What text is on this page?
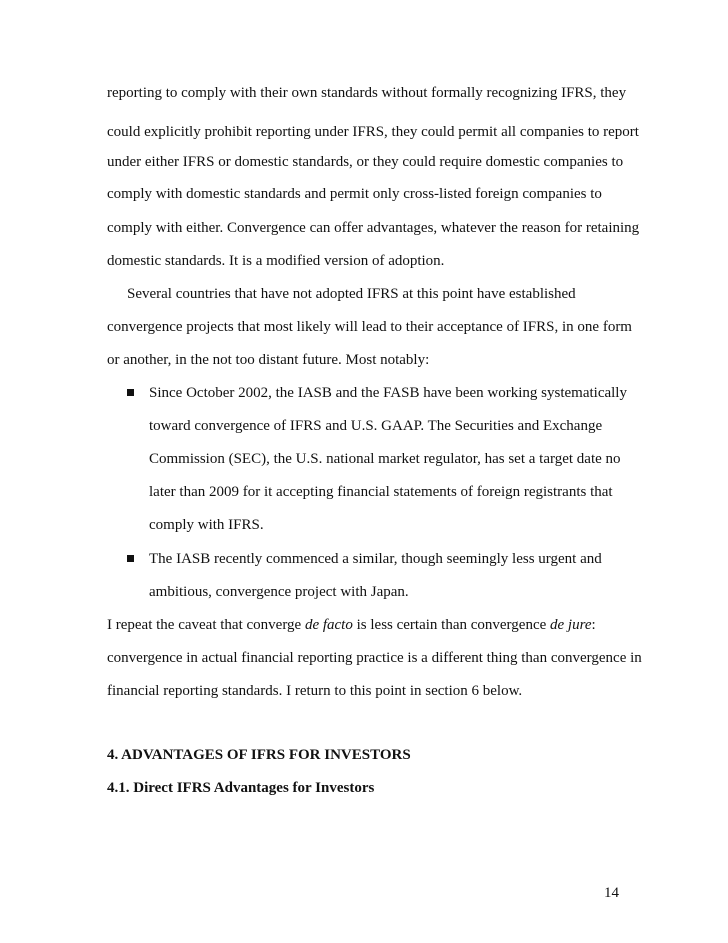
reporting to comply with their own standards without formally recognizing IFRS, they
could explicitly prohibit reporting under IFRS, they could permit all companies to report
under either IFRS or domestic standards, or they could require domestic companies to
comply with domestic standards and permit only cross-listed foreign companies to
comply with either. Convergence can offer advantages, whatever the reason for retaining
domestic standards. It is a modified version of adoption.
Several countries that have not adopted IFRS at this point have established
convergence projects that most likely will lead to their acceptance of IFRS, in one form
or another, in the not too distant future. Most notably:
Since October 2002, the IASB and the FASB have been working systematically
toward convergence of IFRS and U.S. GAAP. The Securities and Exchange
Commission (SEC), the U.S. national market regulator, has set a target date no
later than 2009 for it accepting financial statements of foreign registrants that
comply with IFRS.
The IASB recently commenced a similar, though seemingly less urgent and
ambitious, convergence project with Japan.
I repeat the caveat that converge de facto is less certain than convergence de jure:
convergence in actual financial reporting practice is a different thing than convergence in
financial reporting standards. I return to this point in section 6 below.
4. ADVANTAGES OF IFRS FOR INVESTORS
4.1. Direct IFRS Advantages for Investors
14
